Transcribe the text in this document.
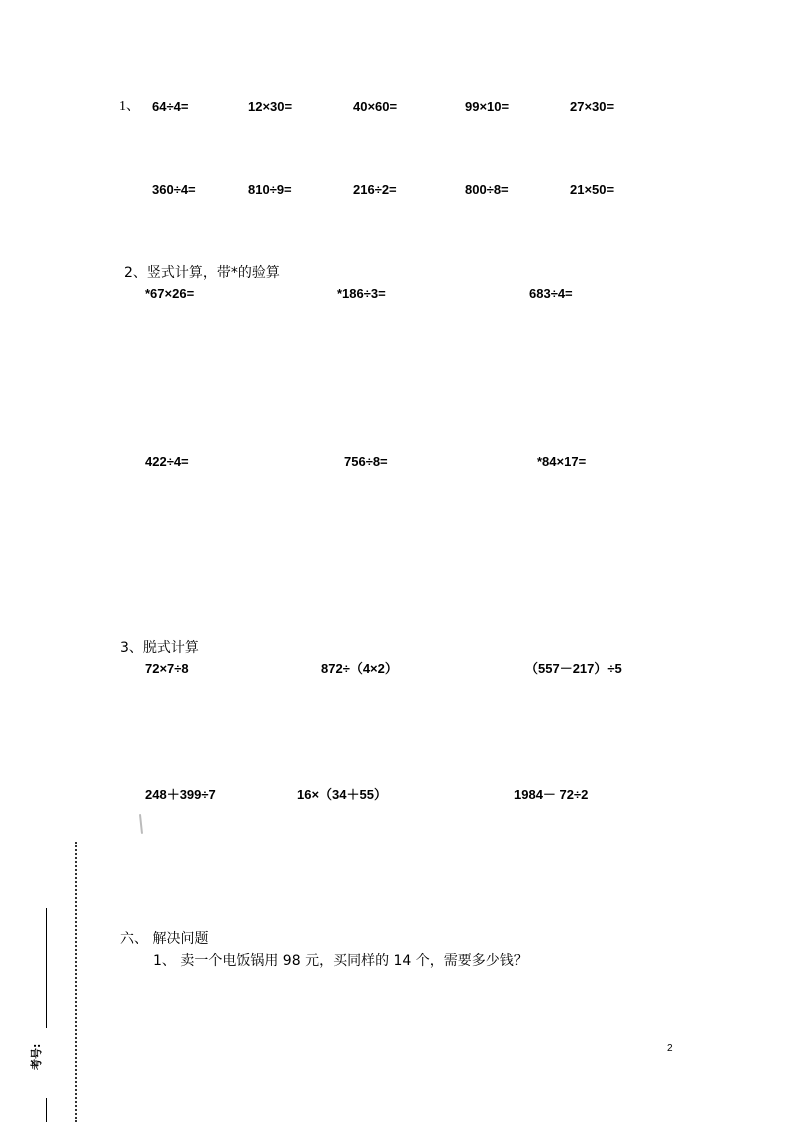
1、 64÷4=	12×30=	40×60=	99×10=	27×30=
360÷4=	810÷9=	216÷2=	800÷8=	21×50=
2、竖式计算，带*的验算
*67×26=	*186÷3=	683÷4=
422÷4=	756÷8=	*84×17=
3、脱式计算
72×7÷8	872÷（4×2）	（557－217）÷5
248＋399÷7	16×（34＋55）	1984－ 72÷2
六、 解决问题
1、 卖一个电饭锅用 98 元，买同样的 14 个，需要多少钱？
考号:	2
